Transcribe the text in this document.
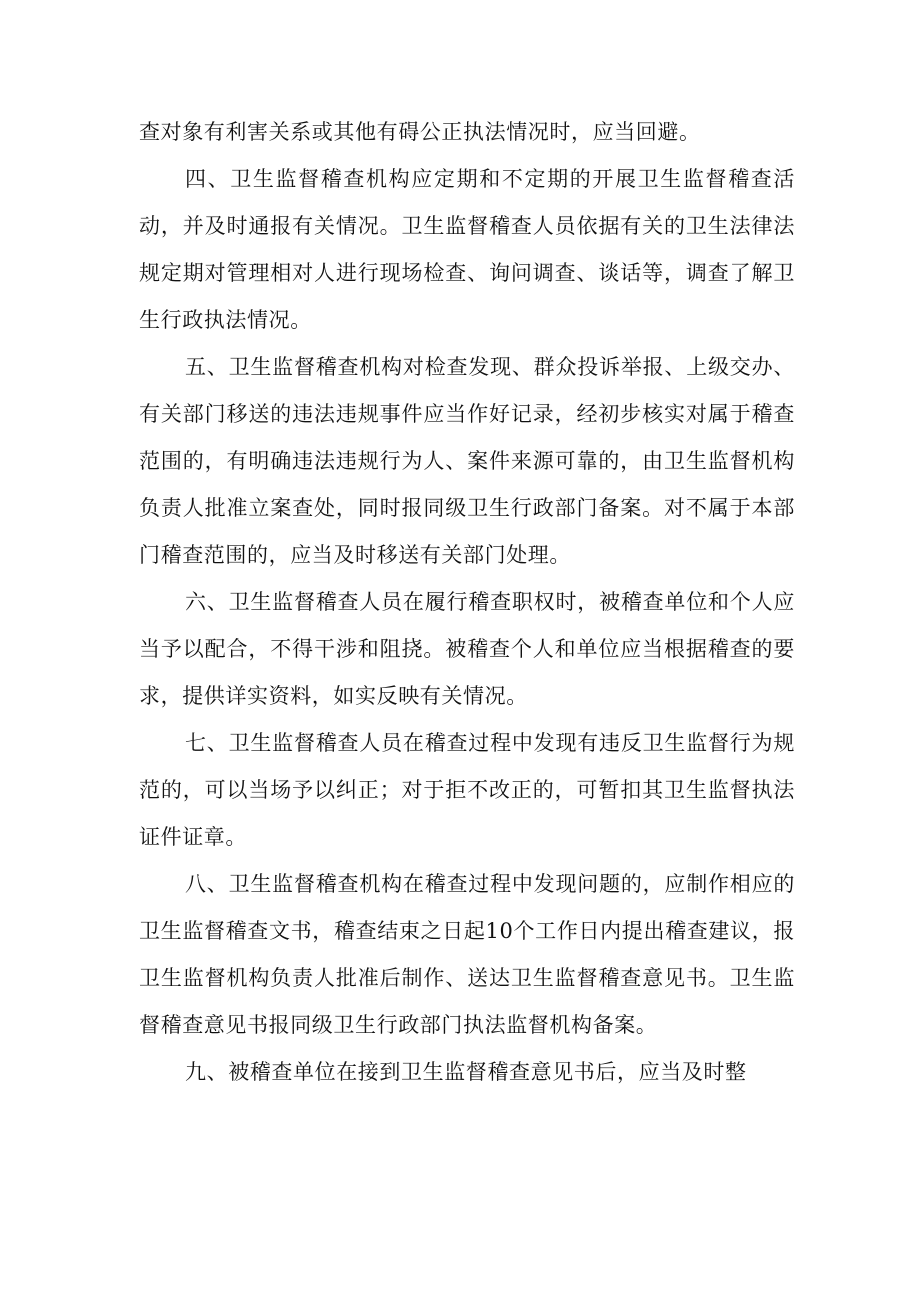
查对象有利害关系或其他有碍公正执法情况时，应当回避。

四、卫生监督稽查机构应定期和不定期的开展卫生监督稽查活动，并及时通报有关情况。卫生监督稽查人员依据有关的卫生法律法规定期对管理相对人进行现场检查、询问调查、谈话等，调查了解卫生行政执法情况。

五、卫生监督稽查机构对检查发现、群众投诉举报、上级交办、有关部门移送的违法违规事件应当作好记录，经初步核实对属于稽查范围的，有明确违法违规行为人、案件来源可靠的，由卫生监督机构负责人批准立案查处，同时报同级卫生行政部门备案。对不属于本部门稽查范围的，应当及时移送有关部门处理。

六、卫生监督稽查人员在履行稽查职权时，被稽查单位和个人应当予以配合，不得干涉和阻挠。被稽查个人和单位应当根据稽查的要求，提供详实资料，如实反映有关情况。

七、卫生监督稽查人员在稽查过程中发现有违反卫生监督行为规范的，可以当场予以纠正；对于拒不改正的，可暂扣其卫生监督执法证件证章。

八、卫生监督稽查机构在稽查过程中发现问题的，应制作相应的卫生监督稽查文书，稽查结束之日起10个工作日内提出稽查建议，报卫生监督机构负责人批准后制作、送达卫生监督稽查意见书。卫生监督稽查意见书报同级卫生行政部门执法监督机构备案。

九、被稽查单位在接到卫生监督稽查意见书后，应当及时整
